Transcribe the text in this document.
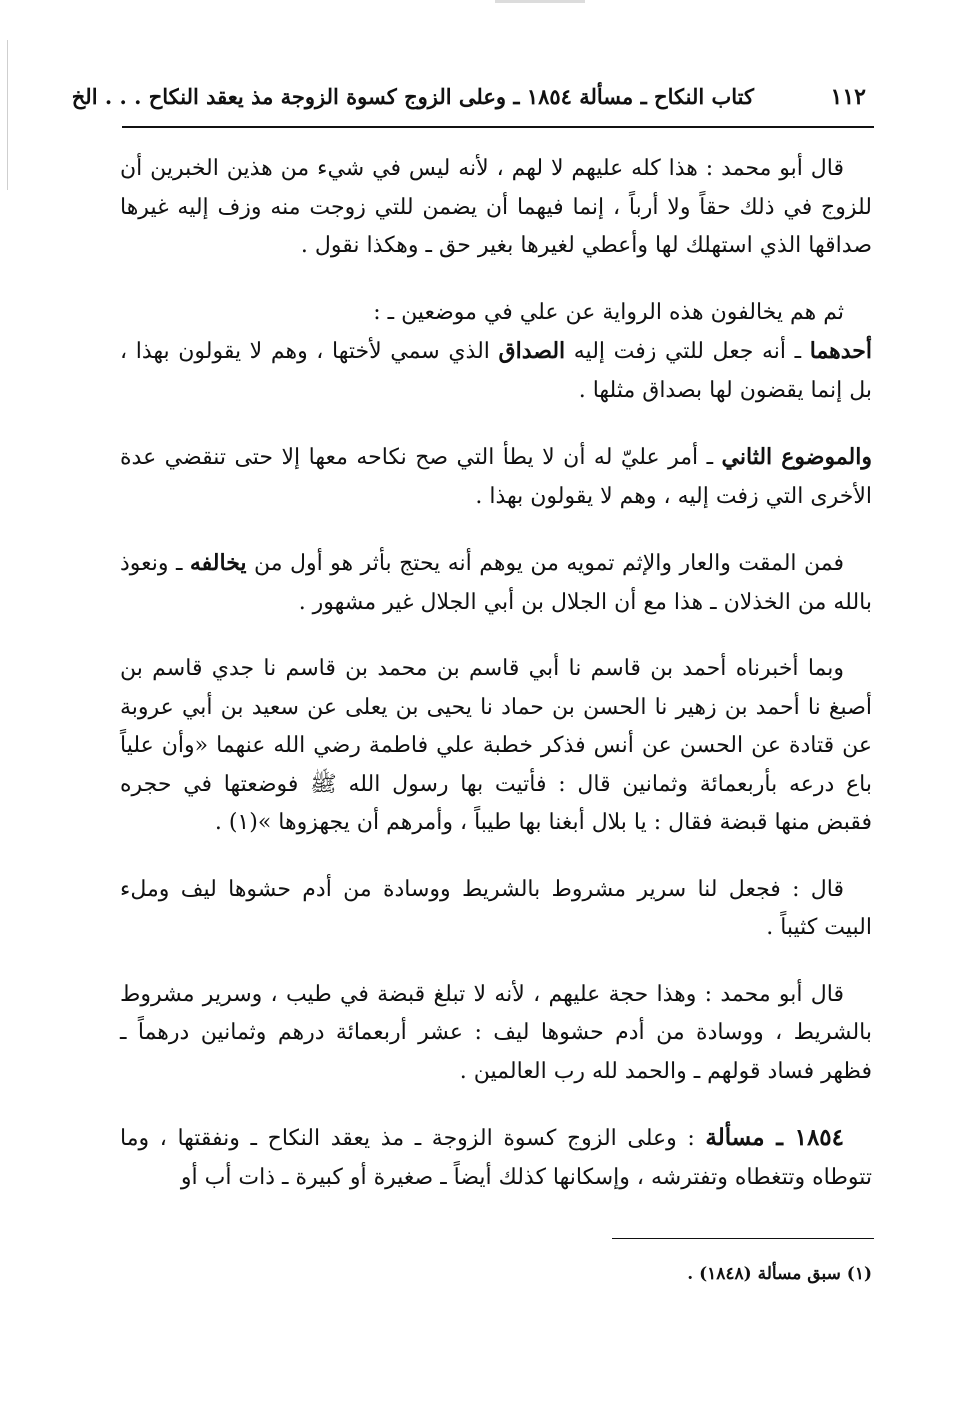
١١٢
كتاب النكاح ـ مسألة ١٨٥٤ ـ وعلى الزوج كسوة الزوجة مذ يعقد النكاح . . . الخ

قال أبو محمد : هذا كله عليهم لا لهم ، لأنه ليس في شيء من هذين الخبرين أن للزوج في ذلك حقاً ولا أرباً ، إنما فيهما أن يضمن للتي زوجت منه وزف إليه غيرها صداقها الذي استهلك لها وأعطي لغيرها بغير حق ـ وهكذا نقول .

ثم هم يخالفون هذه الرواية عن علي في موضعين ـ :

أحدهما ـ أنه جعل للتي زفت إليه الصداق الذي سمي لأختها ، وهم لا يقولون بهذا ، بل إنما يقضون لها بصداق مثلها .

والموضوع الثاني ـ أمر عليّ له أن لا يطأ التي صح نكاحه معها إلا حتى تنقضي عدة الأخرى التي زفت إليه ، وهم لا يقولون بهذا .

فمن المقت والعار والإثم تمويه من يوهم أنه يحتج بأثر هو أول من يخالفه ـ ونعوذ بالله من الخذلان ـ هذا مع أن الجلال بن أبي الجلال غير مشهور .

وبما أخبرناه أحمد بن قاسم نا أبي قاسم بن محمد بن قاسم نا جدي قاسم بن أصبغ نا أحمد بن زهير نا الحسن بن حماد نا يحيى بن يعلى عن سعيد بن أبي عروبة عن قتادة عن الحسن عن أنس فذكر خطبة علي فاطمة رضي الله عنهما «وأن علياً باع درعه بأربعمائة وثمانين قال : فأتيت بها رسول الله ﷺ فوضعتها في حجره فقبض منها قبضة فقال : يا بلال أبغنا بها طيباً ، وأمرهم أن يجهزوها »(١) .

قال : فجعل لنا سرير مشروط بالشريط ووسادة من أدم حشوها ليف وملء البيت كثيباً .

قال أبو محمد : وهذا حجة عليهم ، لأنه لا تبلغ قبضة في طيب ، وسرير مشروط بالشريط ، ووسادة من أدم حشوها ليف : عشر أربعمائة درهم وثمانين درهماً ـ فظهر فساد قولهم ـ والحمد لله رب العالمين .

١٨٥٤ ـ مسألة : وعلى الزوج كسوة الزوجة ـ مذ يعقد النكاح ـ ونفقتها ، وما تتوطاه وتتغطاه وتفترشه ، وإسكانها كذلك أيضاً ـ صغيرة أو كبيرة ـ ذات أب أو

(١) سبق مسألة (١٨٤٨) .
